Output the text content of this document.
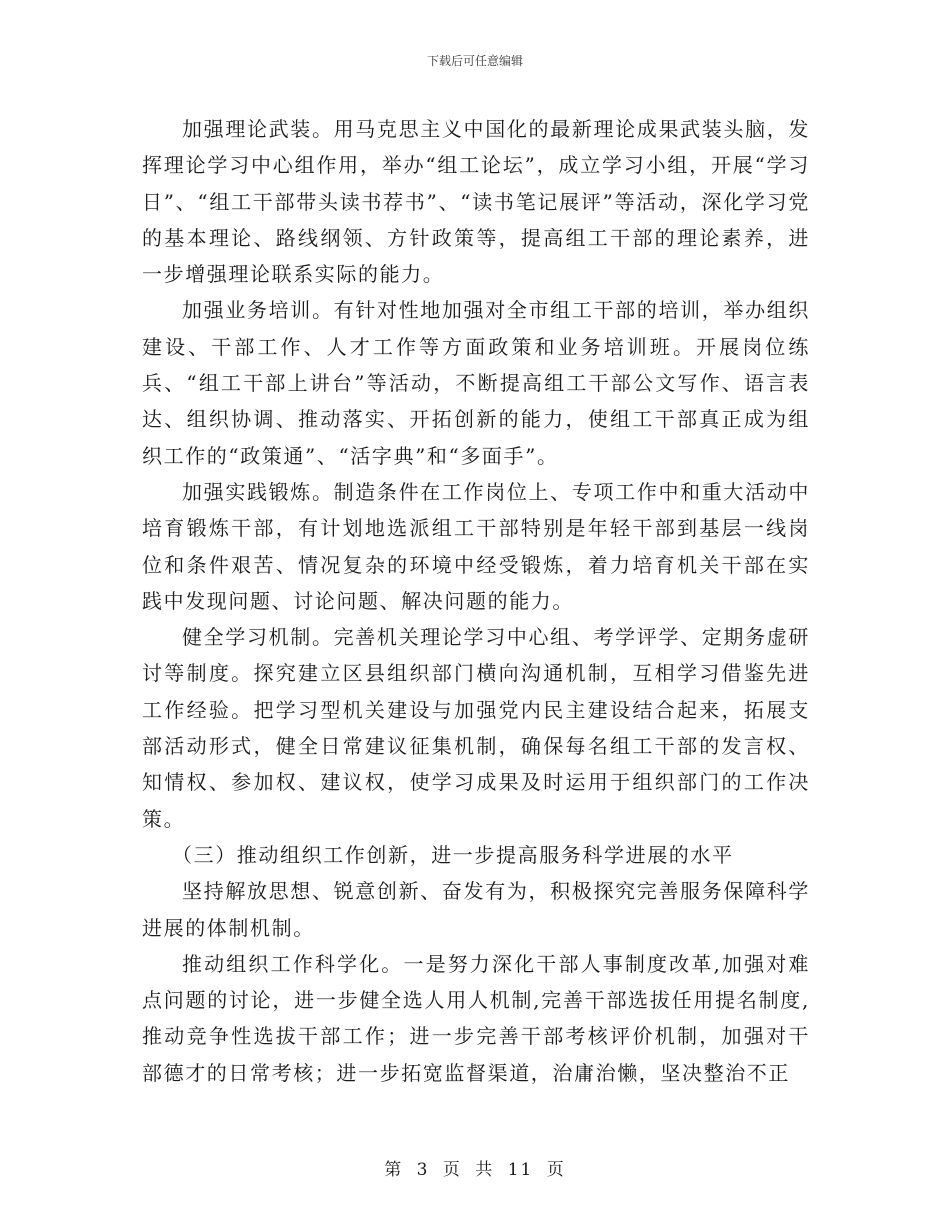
下载后可任意编辑

加强理论武装。用马克思主义中国化的最新理论成果武装头脑，发挥理论学习中心组作用，举办“组工论坛”，成立学习小组，开展“学习日”、“组工干部带头读书荐书”、“读书笔记展评”等活动，深化学习党的基本理论、路线纲领、方针政策等，提高组工干部的理论素养，进一步增强理论联系实际的能力。

加强业务培训。有针对性地加强对全市组工干部的培训，举办组织建设、干部工作、人才工作等方面政策和业务培训班。开展岗位练兵、“组工干部上讲台”等活动，不断提高组工干部公文写作、语言表达、组织协调、推动落实、开拓创新的能力，使组工干部真正成为组织工作的“政策通”、“活字典”和“多面手”。

加强实践锻炼。制造条件在工作岗位上、专项工作中和重大活动中培育锻炼干部，有计划地选派组工干部特别是年轻干部到基层一线岗位和条件艰苦、情况复杂的环境中经受锻炼，着力培育机关干部在实践中发现问题、讨论问题、解决问题的能力。

健全学习机制。完善机关理论学习中心组、考学评学、定期务虚研讨等制度。探究建立区县组织部门横向沟通机制，互相学习借鉴先进工作经验。把学习型机关建设与加强党内民主建设结合起来，拓展支部活动形式，健全日常建议征集机制，确保每名组工干部的发言权、知情权、参加权、建议权，使学习成果及时运用于组织部门的工作决策。

（三）推动组织工作创新，进一步提高服务科学进展的水平

坚持解放思想、锐意创新、奋发有为，积极探究完善服务保障科学进展的体制机制。

推动组织工作科学化。一是努力深化干部人事制度改革,加强对难点问题的讨论，进一步健全选人用人机制,完善干部选拔任用提名制度,推动竞争性选拔干部工作；进一步完善干部考核评价机制，加强对干部德才的日常考核；进一步拓宽监督渠道，治庸治懒，坚决整治不正

第 3 页 共 11 页
